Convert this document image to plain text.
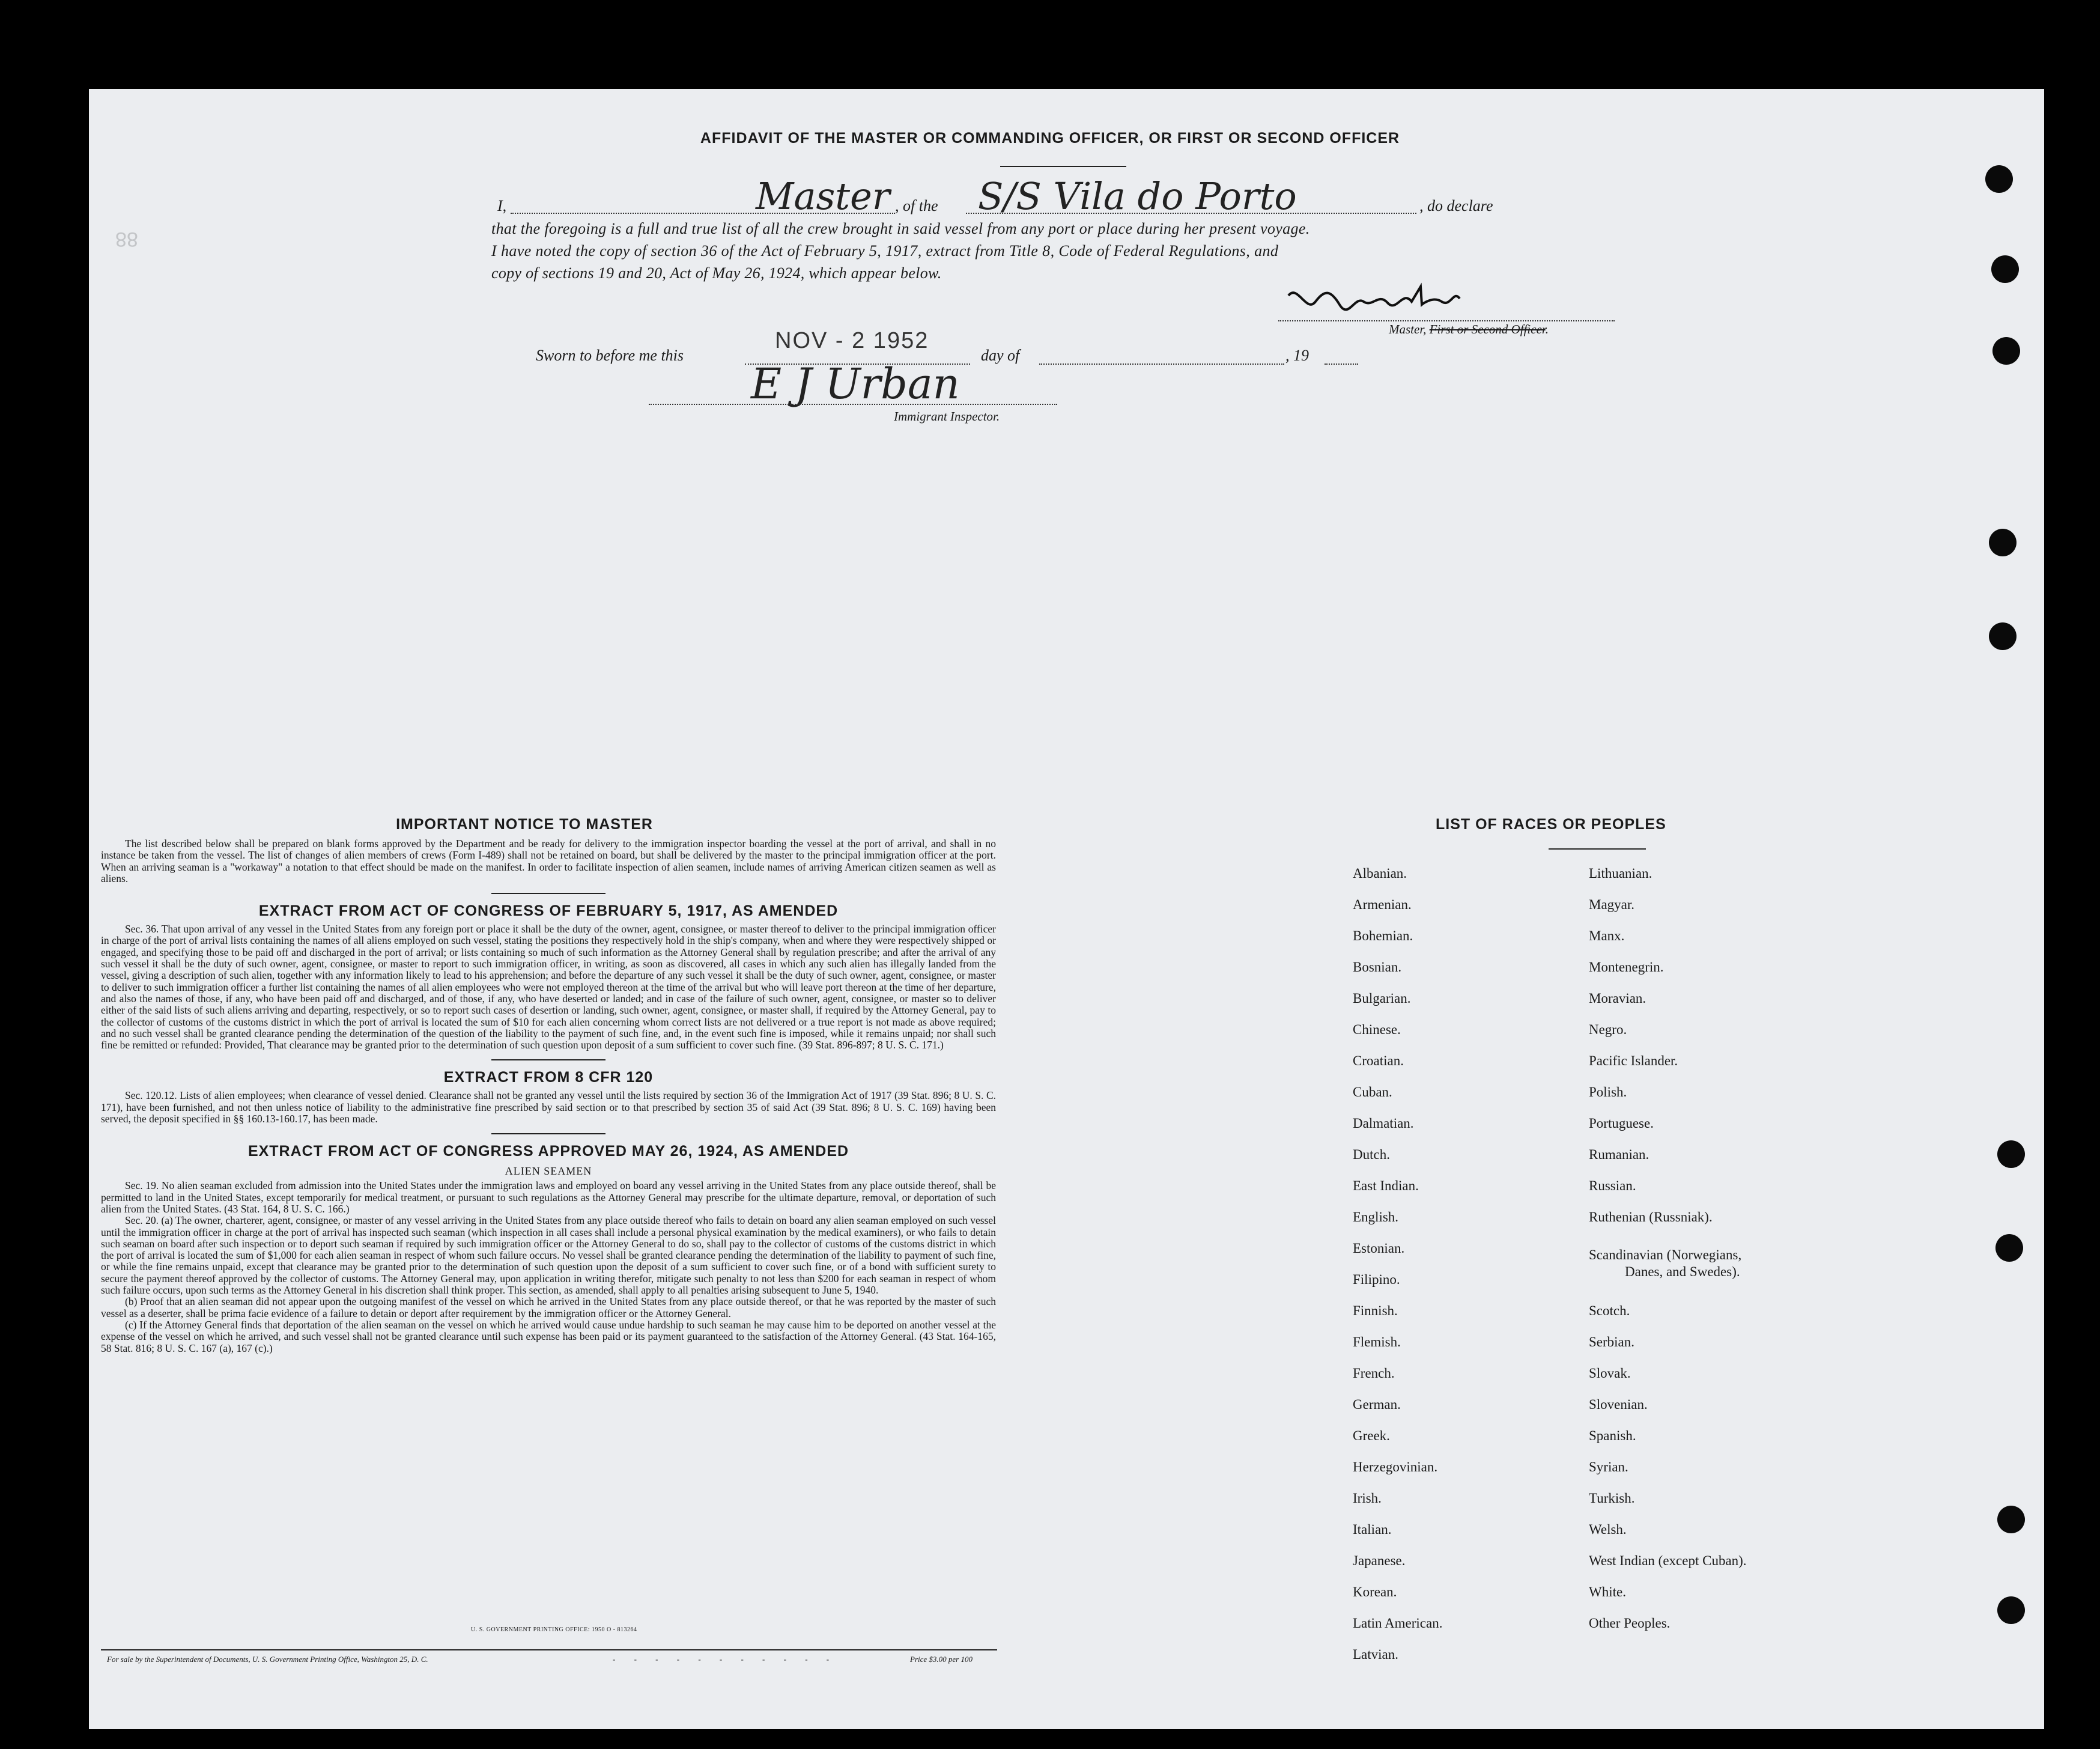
88
AFFIDAVIT OF THE MASTER OR COMMANDING OFFICER, OR FIRST OR SECOND OFFICER
I,	Master , of the S/S Vila do Porto	, do declare
that the foregoing is a full and true list of all the crew brought in said vessel from any port or place during her present voyage.
I have noted the copy of section 36 of the Act of February 5, 1917, extract from Title 8, Code of Federal Regulations, and
copy of sections 19 and 20, Act of May 26, 1924, which appear below.
Master, First or Second Officer.
Sworn to before me this
NOV - 2 1952
day of	, 19
E J Urban
Immigrant Inspector.
IMPORTANT NOTICE TO MASTER

The list described below shall be prepared on blank forms approved by the Department and be ready for delivery to the immigration inspector boarding the vessel at the port of arrival, and shall in no instance be taken from the vessel. The list of changes of alien members of crews (Form I-489) shall not be retained on board, but shall be delivered by the master to the principal immigration officer at the port. When an arriving seaman is a "workaway" a notation to that effect should be made on the manifest. In order to facilitate inspection of alien seamen, include names of arriving American citizen seamen as well as aliens.

EXTRACT FROM ACT OF CONGRESS OF FEBRUARY 5, 1917, AS AMENDED

Sec. 36. That upon arrival of any vessel in the United States from any foreign port or place it shall be the duty of the owner, agent, consignee, or master thereof to deliver to the principal immigration officer in charge of the port of arrival lists containing the names of all aliens employed on such vessel, stating the positions they respectively hold in the ship's company, when and where they were respectively shipped or engaged, and specifying those to be paid off and discharged in the port of arrival; or lists containing so much of such information as the Attorney General shall by regulation prescribe; and after the arrival of any such vessel it shall be the duty of such owner, agent, consignee, or master to report to such immigration officer, in writing, as soon as discovered, all cases in which any such alien has illegally landed from the vessel, giving a description of such alien, together with any information likely to lead to his apprehension; and before the departure of any such vessel it shall be the duty of such owner, agent, consignee, or master to deliver to such immigration officer a further list containing the names of all alien employees who were not employed thereon at the time of the arrival but who will leave port thereon at the time of her departure, and also the names of those, if any, who have been paid off and discharged, and of those, if any, who have deserted or landed; and in case of the failure of such owner, agent, consignee, or master so to deliver either of the said lists of such aliens arriving and departing, respectively, or so to report such cases of desertion or landing, such owner, agent, consignee, or master shall, if required by the Attorney General, pay to the collector of customs of the customs district in which the port of arrival is located the sum of $10 for each alien concerning whom correct lists are not delivered or a true report is not made as above required; and no such vessel shall be granted clearance pending the determination of the question of the liability to the payment of such fine, and, in the event such fine is imposed, while it remains unpaid; nor shall such fine be remitted or refunded: Provided, That clearance may be granted prior to the determination of such question upon deposit of a sum sufficient to cover such fine. (39 Stat. 896-897; 8 U. S. C. 171.)

EXTRACT FROM 8 CFR 120

Sec. 120.12. Lists of alien employees; when clearance of vessel denied. Clearance shall not be granted any vessel until the lists required by section 36 of the Immigration Act of 1917 (39 Stat. 896; 8 U. S. C. 171), have been furnished, and not then unless notice of liability to the administrative fine prescribed by said section or to that prescribed by section 35 of said Act (39 Stat. 896; 8 U. S. C. 169) having been served, the deposit specified in §§ 160.13-160.17, has been made.

EXTRACT FROM ACT OF CONGRESS APPROVED MAY 26, 1924, AS AMENDED
ALIEN SEAMEN

Sec. 19. No alien seaman excluded from admission into the United States under the immigration laws and employed on board any vessel arriving in the United States from any place outside thereof, shall be permitted to land in the United States, except temporarily for medical treatment, or pursuant to such regulations as the Attorney General may prescribe for the ultimate departure, removal, or deportation of such alien from the United States. (43 Stat. 164, 8 U. S. C. 166.)

Sec. 20. (a) The owner, charterer, agent, consignee, or master of any vessel arriving in the United States from any place outside thereof who fails to detain on board any alien seaman employed on such vessel until the immigration officer in charge at the port of arrival has inspected such seaman (which inspection in all cases shall include a personal physical examination by the medical examiners), or who fails to detain such seaman on board after such inspection or to deport such seaman if required by such immigration officer or the Attorney General to do so, shall pay to the collector of customs of the customs district in which the port of arrival is located the sum of $1,000 for each alien seaman in respect of whom such failure occurs. No vessel shall be granted clearance pending the determination of the liability to payment of such fine, or while the fine remains unpaid, except that clearance may be granted prior to the determination of such question upon the deposit of a sum sufficient to cover such fine, or of a bond with sufficient surety to secure the payment thereof approved by the collector of customs. The Attorney General may, upon application in writing therefor, mitigate such penalty to not less than $200 for each seaman in respect of whom such failure occurs, upon such terms as the Attorney General in his discretion shall think proper. This section, as amended, shall apply to all penalties arising subsequent to June 5, 1940.

(b) Proof that an alien seaman did not appear upon the outgoing manifest of the vessel on which he arrived in the United States from any place outside thereof, or that he was reported by the master of such vessel as a deserter, shall be prima facie evidence of a failure to detain or deport after requirement by the immigration officer or the Attorney General.

(c) If the Attorney General finds that deportation of the alien seaman on the vessel on which he arrived would cause undue hardship to such seaman he may cause him to be deported on another vessel at the expense of the vessel on which he arrived, and such vessel shall not be granted clearance until such expense has been paid or its payment guaranteed to the satisfaction of the Attorney General. (43 Stat. 164-165, 58 Stat. 816; 8 U. S. C. 167 (a), 167 (c).)

U. S. GOVERNMENT PRINTING OFFICE: 1950 O - 813264
For sale by the Superintendent of Documents, U. S. Government Printing Office, Washington 25, D. C.	- - - - - - - - - - -	Price $3.00 per 100
LIST OF RACES OR PEOPLES
Albanian.
Armenian.
Bohemian.
Bosnian.
Bulgarian.
Chinese.
Croatian.
Cuban.
Dalmatian.
Dutch.
East Indian.
English.
Estonian.
Filipino.
Finnish.
Flemish.
French.
German.
Greek.
Herzegovinian.
Irish.
Italian.
Japanese.
Korean.
Latin American.
Latvian.
Lithuanian.
Magyar.
Manx.
Montenegrin.
Moravian.
Negro.
Pacific Islander.
Polish.
Portuguese.
Rumanian.
Russian.
Ruthenian (Russniak).
Scandinavian (Norwegians,
Danes, and Swedes).
Scotch.
Serbian.
Slovak.
Slovenian.
Spanish.
Syrian.
Turkish.
Welsh.
West Indian (except Cuban).
White.
Other Peoples.
